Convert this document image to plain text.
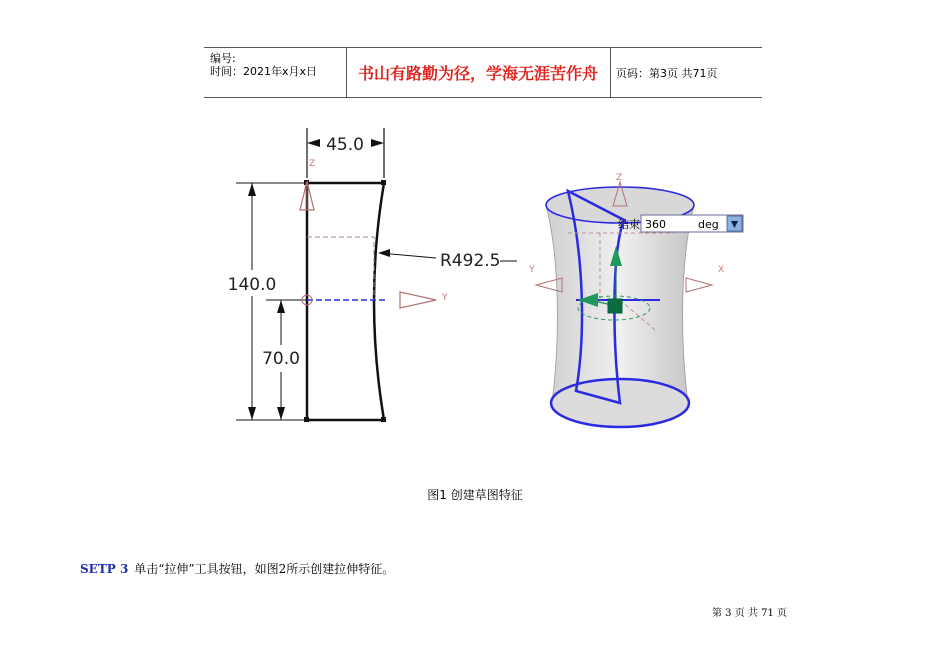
编号:
时间：2021年x月x日	书山有路勤为径，学海无涯苦作舟	页码：第3页 共71页
45.0
140.0
70.0
Z
Y
R492.5
Z
X
Y
结束 360	deg
图1 创建草图特征
SETP 3 单击“拉伸”工具按钮，如图2所示创建拉伸特征。
第 3 页 共 71 页
